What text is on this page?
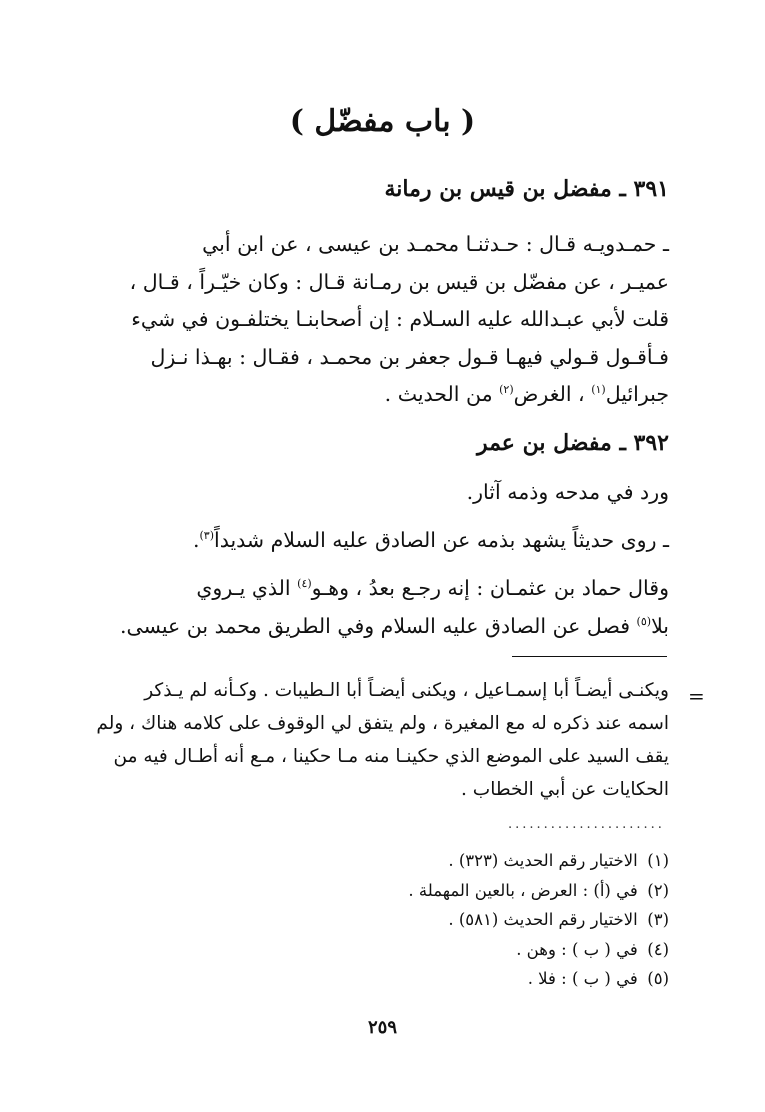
( باب مفضّل )
٣٩١ ـ مفضل بن قيس بن رمانة
ـ حمـدويـه قـال : حـدثنـا محمـد بن عيسى ، عن ابن أبي
عميـر ، عن مفضّل بن قيس بن رمـانة قـال : وكان خيّـراً ، قـال ،
قلت لأبي عبـدالله عليه السـلام : إن أصحابنـا يختلفـون في شيء
فـأقـول قـولي فيهـا قـول جعفر بن محمـد ، فقـال : بهـذا نـزل
جبرائيل$^{(١)}$ ، الغرض$^{(٢)}$ من الحديث .
٣٩٢ ـ مفضل بن عمر
ورد في مدحه وذمه آثار.
ـ روى حديثاً يشهد بذمه عن الصادق عليه السلام شديداً$^{(٣)}$.
وقال حماد بن عثمـان : إنه رجـع بعدُ ، وهـو$^{(٤)}$ الذي يـروي
بلا$^{(٥)}$ فصل عن الصادق عليه السلام وفي الطريق محمد بن عيسى.
=
ويكنـى أيضـاً أبا إسمـاعيل ، ويكنى أيضـاً أبا الـطيبات . وكـأنه لم يـذكر
اسمه عند ذكره له مع المغيرة ، ولم يتفق لي الوقوف على كلامه هناك ، ولم
يقف السيد على الموضع الذي حكينـا منه مـا حكينا ، مـع أنه أطـال فيه من
الحكايات عن أبي الخطاب .
......................
(١) الاختيار رقم الحديث (٣٢٣) .
(٢) في (أ) : العرض ، بالعين المهملة .
(٣) الاختيار رقم الحديث (٥٨١) .
(٤) في ( ب ) : وهن .
(٥) في ( ب ) : فلا .
٢٥٩
